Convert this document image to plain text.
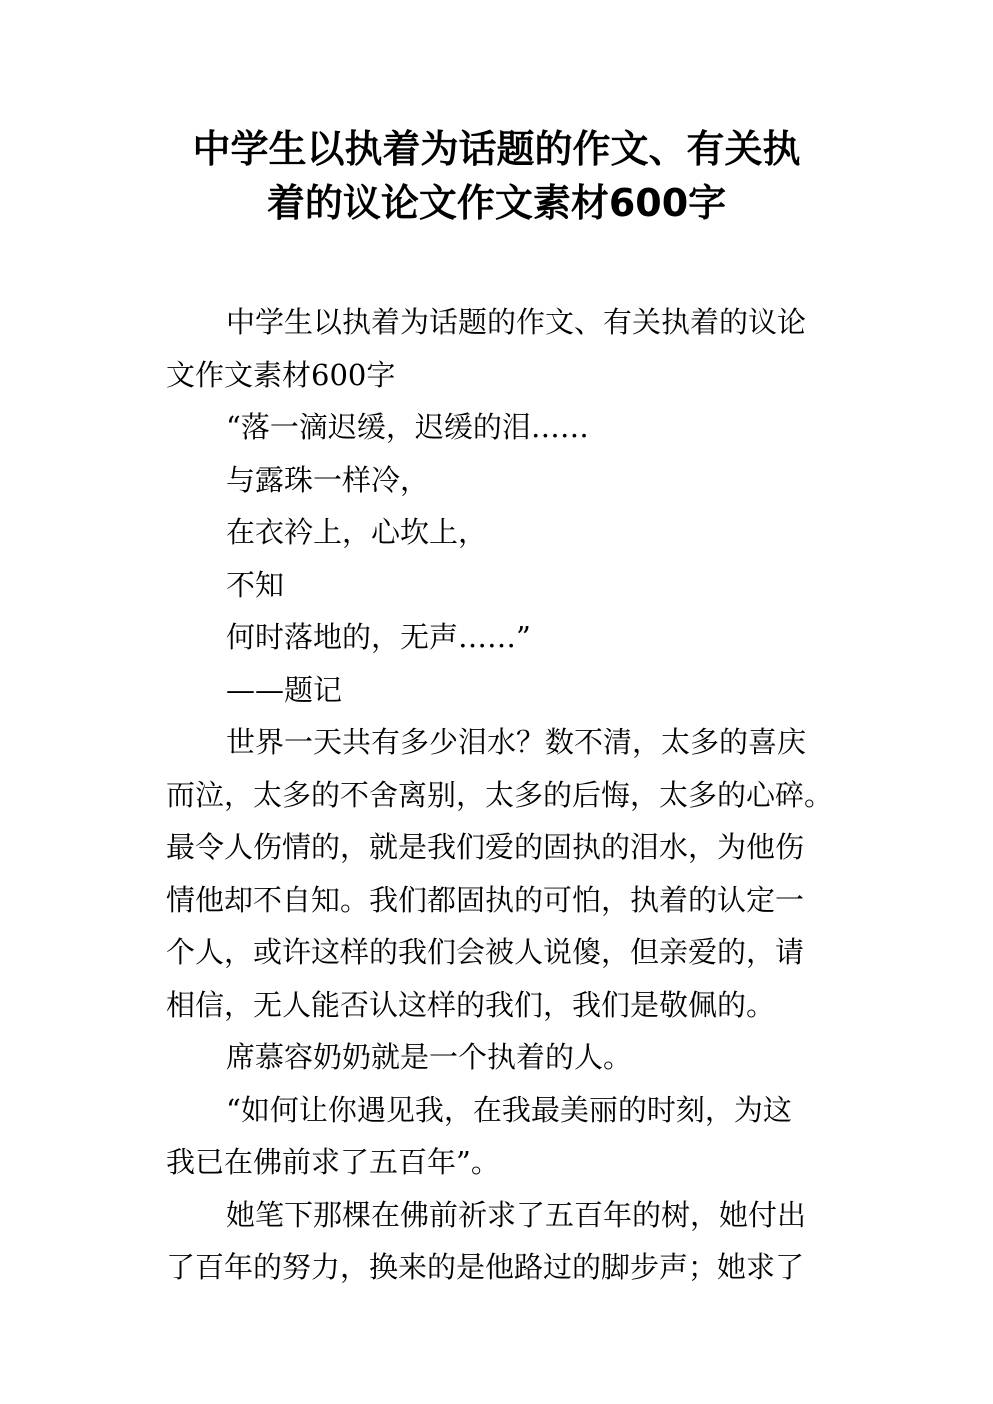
中学生以执着为话题的作文、有关执
着的议论文作文素材600字

中学生以执着为话题的作文、有关执着的议论
文作文素材600字

“落一滴迟缓，迟缓的泪……

与露珠一样冷，

在衣衿上，心坎上，

不知

何时落地的，无声……”

——题记

世界一天共有多少泪水？数不清，太多的喜庆
而泣，太多的不舍离别，太多的后悔，太多的心碎。
最令人伤情的，就是我们爱的固执的泪水，为他伤
情他却不自知。我们都固执的可怕，执着的认定一
个人，或许这样的我们会被人说傻，但亲爱的，请
相信，无人能否认这样的我们，我们是敬佩的。

席慕容奶奶就是一个执着的人。

“如何让你遇见我，在我最美丽的时刻，为这
我已在佛前求了五百年”。

她笔下那棵在佛前祈求了五百年的树，她付出
了百年的努力，换来的是他路过的脚步声；她求了
